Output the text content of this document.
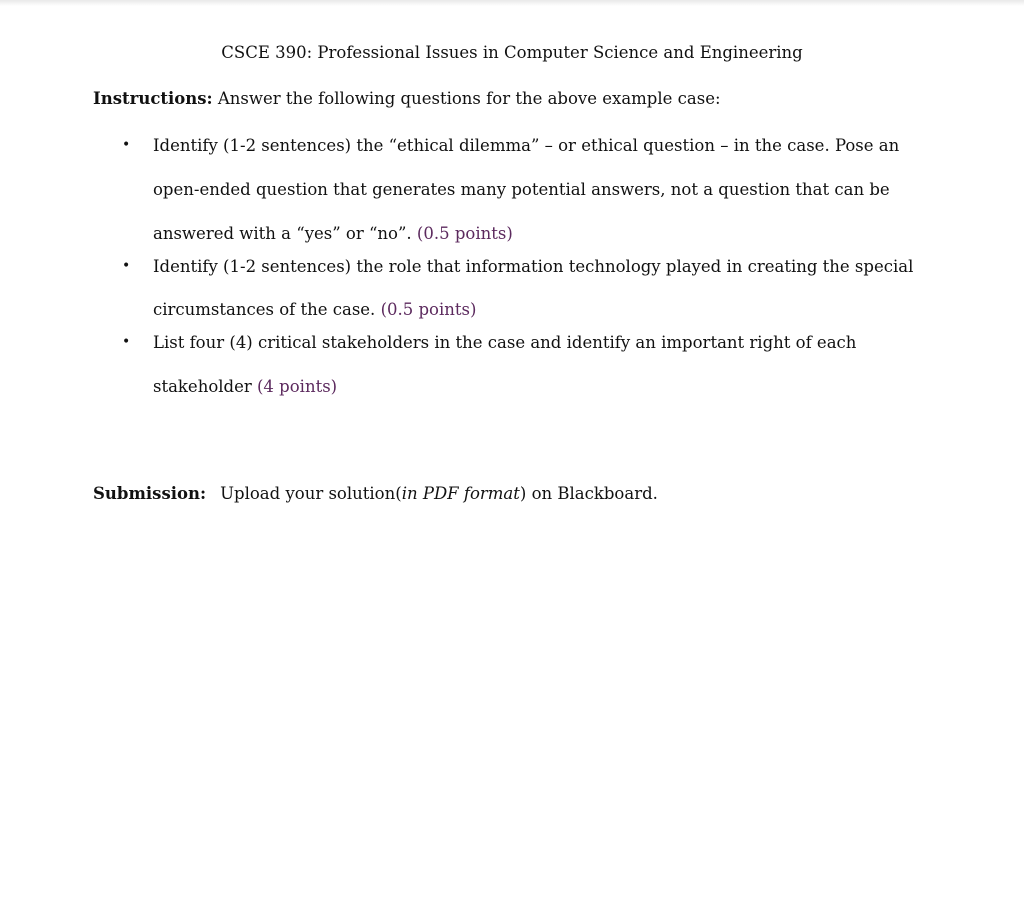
CSCE 390: Professional Issues in Computer Science and Engineering
Instructions: Answer the following questions for the above example case:
• Identify (1-2 sentences) the “ethical dilemma” – or ethical question – in the case. Pose an open-ended question that generates many potential answers, not a question that can be answered with a “yes” or “no”. (0.5 points)
• Identify (1-2 sentences) the role that information technology played in creating the special circumstances of the case. (0.5 points)
• List four (4) critical stakeholders in the case and identify an important right of each stakeholder (4 points)
Submission: Upload your solution(in PDF format) on Blackboard.
